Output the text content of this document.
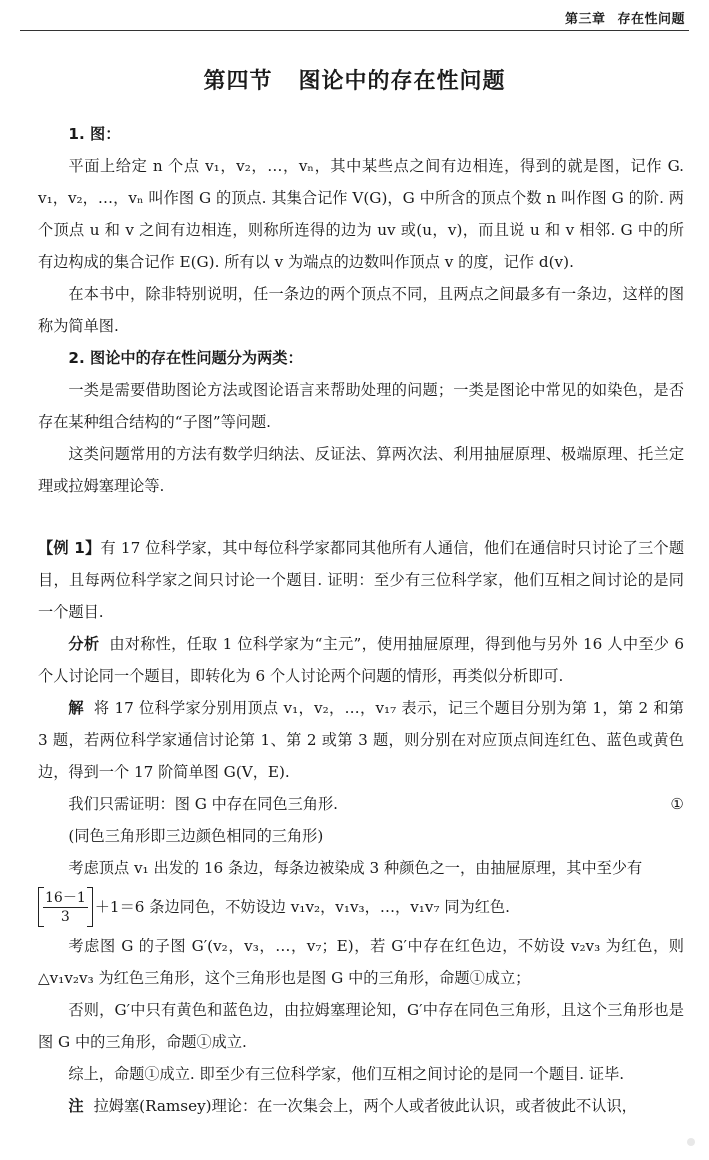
第三章 存在性问题
第四节 图论中的存在性问题

1. 图：

平面上给定 n 个点 v₁，v₂，…，vₙ，其中某些点之间有边相连，得到的就是图，记作 G. v₁，v₂，…，vₙ 叫作图 G 的顶点. 其集合记作 V(G)，G 中所含的顶点个数 n 叫作图 G 的阶. 两个顶点 u 和 v 之间有边相连，则称所连得的边为 uv 或(u，v)，而且说 u 和 v 相邻. G 中的所有边构成的集合记作 E(G). 所有以 v 为端点的边数叫作顶点 v 的度，记作 d(v).

在本书中，除非特别说明，任一条边的两个顶点不同，且两点之间最多有一条边，这样的图称为简单图.

2. 图论中的存在性问题分为两类：

一类是需要借助图论方法或图论语言来帮助处理的问题；一类是图论中常见的如染色，是否存在某种组合结构的“子图”等问题.

这类问题常用的方法有数学归纳法、反证法、算两次法、利用抽屉原理、极端原理、托兰定理或拉姆塞理论等.

【例 1】有 17 位科学家，其中每位科学家都同其他所有人通信，他们在通信时只讨论了三个题目，且每两位科学家之间只讨论一个题目. 证明：至少有三位科学家，他们互相之间讨论的是同一个题目.

分析 由对称性，任取 1 位科学家为“主元”，使用抽屉原理，得到他与另外 16 人中至少 6 个人讨论同一个题目，即转化为 6 个人讨论两个问题的情形，再类似分析即可.

解 将 17 位科学家分别用顶点 v₁，v₂，…，v₁₇ 表示，记三个题目分别为第 1，第 2 和第 3 题，若两位科学家通信讨论第 1、第 2 或第 3 题，则分别在对应顶点间连红色、蓝色或黄色边，得到一个 17 阶简单图 G(V，E).

我们只需证明：图 G 中存在同色三角形.	①

(同色三角形即三边颜色相同的三角形)

考虑顶点 v₁ 出发的 16 条边，每条边被染成 3 种颜色之一，由抽屉原理，其中至少有

$\frac{16-1}{3} +1=6$ 条边同色，不妨设边 v₁v₂，v₁v₃，…，v₁v₇ 同为红色.

考虑图 G 的子图 G′(v₂，v₃，…，v₇；E)，若 G′中存在红色边，不妨设 v₂v₃ 为红色，则△v₁v₂v₃ 为红色三角形，这个三角形也是图 G 中的三角形，命题①成立；

否则，G′中只有黄色和蓝色边，由拉姆塞理论知，G′中存在同色三角形，且这个三角形也是图 G 中的三角形，命题①成立.

综上，命题①成立. 即至少有三位科学家，他们互相之间讨论的是同一个题目. 证毕.

注 拉姆塞(Ramsey)理论：在一次集会上，两个人或者彼此认识，或者彼此不认识，
